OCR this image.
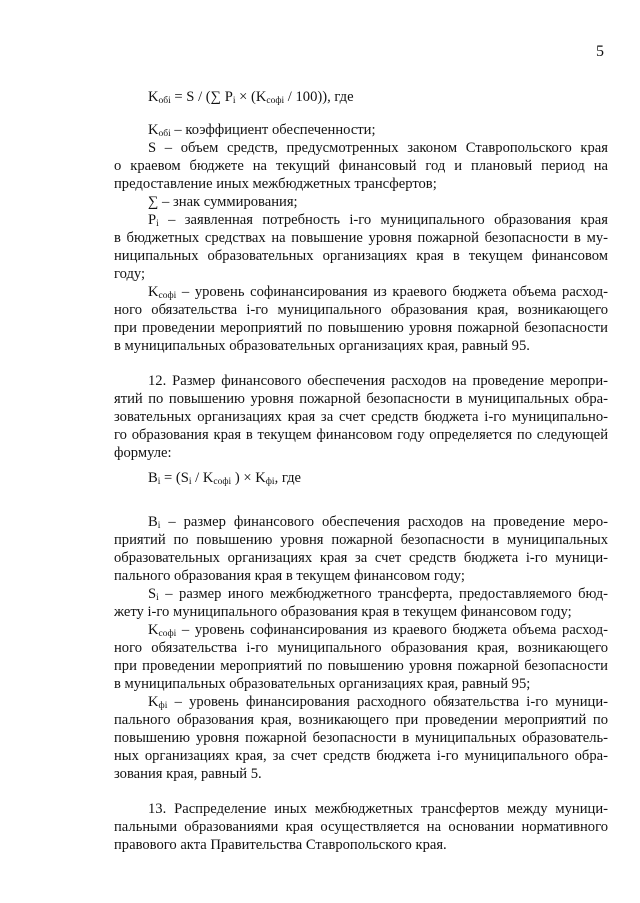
5
$K_{обі} = S$ / (∑ $P_i \times (K_{софі} / 100)$), где
$K_{обі}$ – коэффициент обеспеченности;
S – объем средств, предусмотренных законом Ставропольского края
о краевом бюджете на текущий финансовый год и плановый период на
предоставление иных межбюджетных трансфертов;
∑ – знак суммирования;
$P_i$ – заявленная потребность і-го муниципального образования края
в бюджетных средствах на повышение уровня пожарной безопасности в му-
ниципальных образовательных организациях края в текущем финансовом
году;
$K_{софі}$ – уровень софинансирования из краевого бюджета объема расход-
ного обязательства і-го муниципального образования края, возникающего
при проведении мероприятий по повышению уровня пожарной безопасности
в муниципальных образовательных организациях края, равный 95.
12. Размер финансового обеспечения расходов на проведение меропри-
ятий по повышению уровня пожарной безопасности в муниципальных обра-
зовательных организациях края за счет средств бюджета і-го муниципально-
го образования края в текущем финансовом году определяется по следующей
формуле:
$B_i = (S_i / K_{софі}$ ) × $K_{фі}$, где
$B_i$ – размер финансового обеспечения расходов на проведение меро-
приятий по повышению уровня пожарной безопасности в муниципальных
образовательных организациях края за счет средств бюджета і-го муници-
пального образования края в текущем финансовом году;
$S_i$ – размер иного межбюджетного трансферта, предоставляемого бюд-
жету і-го муниципального образования края в текущем финансовом году;
$K_{софі}$ – уровень софинансирования из краевого бюджета объема расход-
ного обязательства і-го муниципального образования края, возникающего
при проведении мероприятий по повышению уровня пожарной безопасности
в муниципальных образовательных организациях края, равный 95;
$K_{фі}$ – уровень финансирования расходного обязательства і-го муници-
пального образования края, возникающего при проведении мероприятий по
повышению уровня пожарной безопасности в муниципальных образователь-
ных организациях края, за счет средств бюджета і-го муниципального обра-
зования края, равный 5.
13. Распределение иных межбюджетных трансфертов между муници-
пальными образованиями края осуществляется на основании нормативного
правового акта Правительства Ставропольского края.
